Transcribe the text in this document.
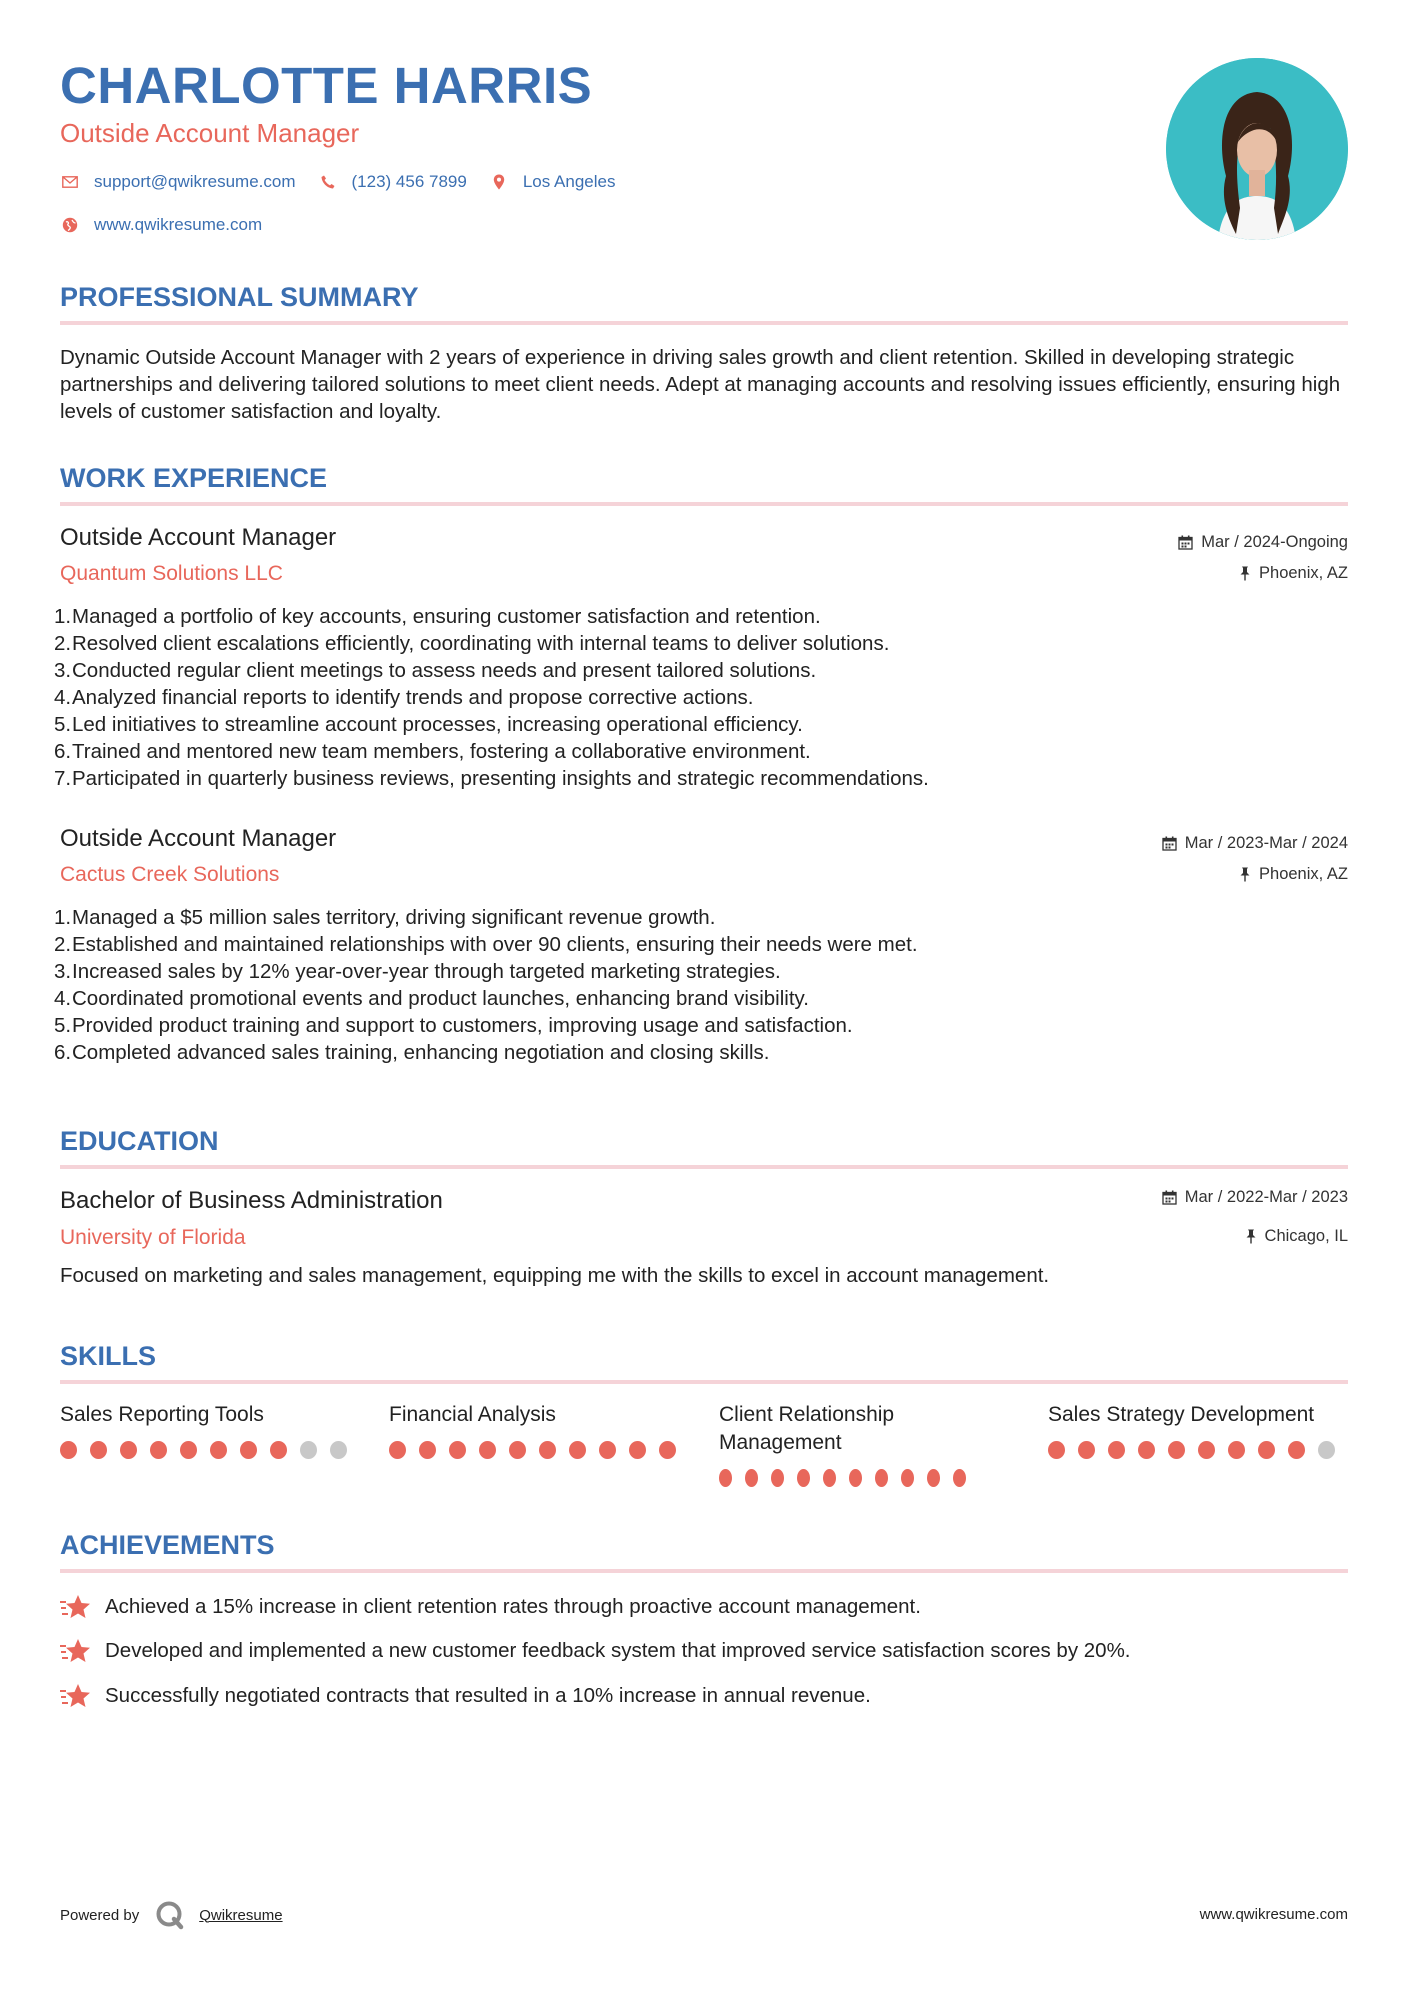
CHARLOTTE HARRIS
Outside Account Manager
support@qwikresume.com	(123) 456 7899	Los Angeles
www.qwikresume.com
PROFESSIONAL SUMMARY
Dynamic Outside Account Manager with 2 years of experience in driving sales growth and client retention. Skilled in developing strategic partnerships and delivering tailored solutions to meet client needs. Adept at managing accounts and resolving issues efficiently, ensuring high levels of customer satisfaction and loyalty.
WORK EXPERIENCE
Outside Account Manager
Quantum Solutions LLC
Mar / 2024-Ongoing
Phoenix, AZ
1. Managed a portfolio of key accounts, ensuring customer satisfaction and retention.
2. Resolved client escalations efficiently, coordinating with internal teams to deliver solutions.
3. Conducted regular client meetings to assess needs and present tailored solutions.
4. Analyzed financial reports to identify trends and propose corrective actions.
5. Led initiatives to streamline account processes, increasing operational efficiency.
6. Trained and mentored new team members, fostering a collaborative environment.
7. Participated in quarterly business reviews, presenting insights and strategic recommendations.
Outside Account Manager
Cactus Creek Solutions
Mar / 2023-Mar / 2024
Phoenix, AZ
1. Managed a $5 million sales territory, driving significant revenue growth.
2. Established and maintained relationships with over 90 clients, ensuring their needs were met.
3. Increased sales by 12% year-over-year through targeted marketing strategies.
4. Coordinated promotional events and product launches, enhancing brand visibility.
5. Provided product training and support to customers, improving usage and satisfaction.
6. Completed advanced sales training, enhancing negotiation and closing skills.
EDUCATION
Bachelor of Business Administration
University of Florida
Mar / 2022-Mar / 2023
Chicago, IL
Focused on marketing and sales management, equipping me with the skills to excel in account management.
SKILLS
Sales Reporting Tools	Financial Analysis	Client Relationship Management
Sales Strategy Development
ACHIEVEMENTS
Achieved a 15% increase in client retention rates through proactive account management.
Developed and implemented a new customer feedback system that improved service satisfaction scores by 20%.
Successfully negotiated contracts that resulted in a 10% increase in annual revenue.
Powered by	Qwikresume	www.qwikresume.com
